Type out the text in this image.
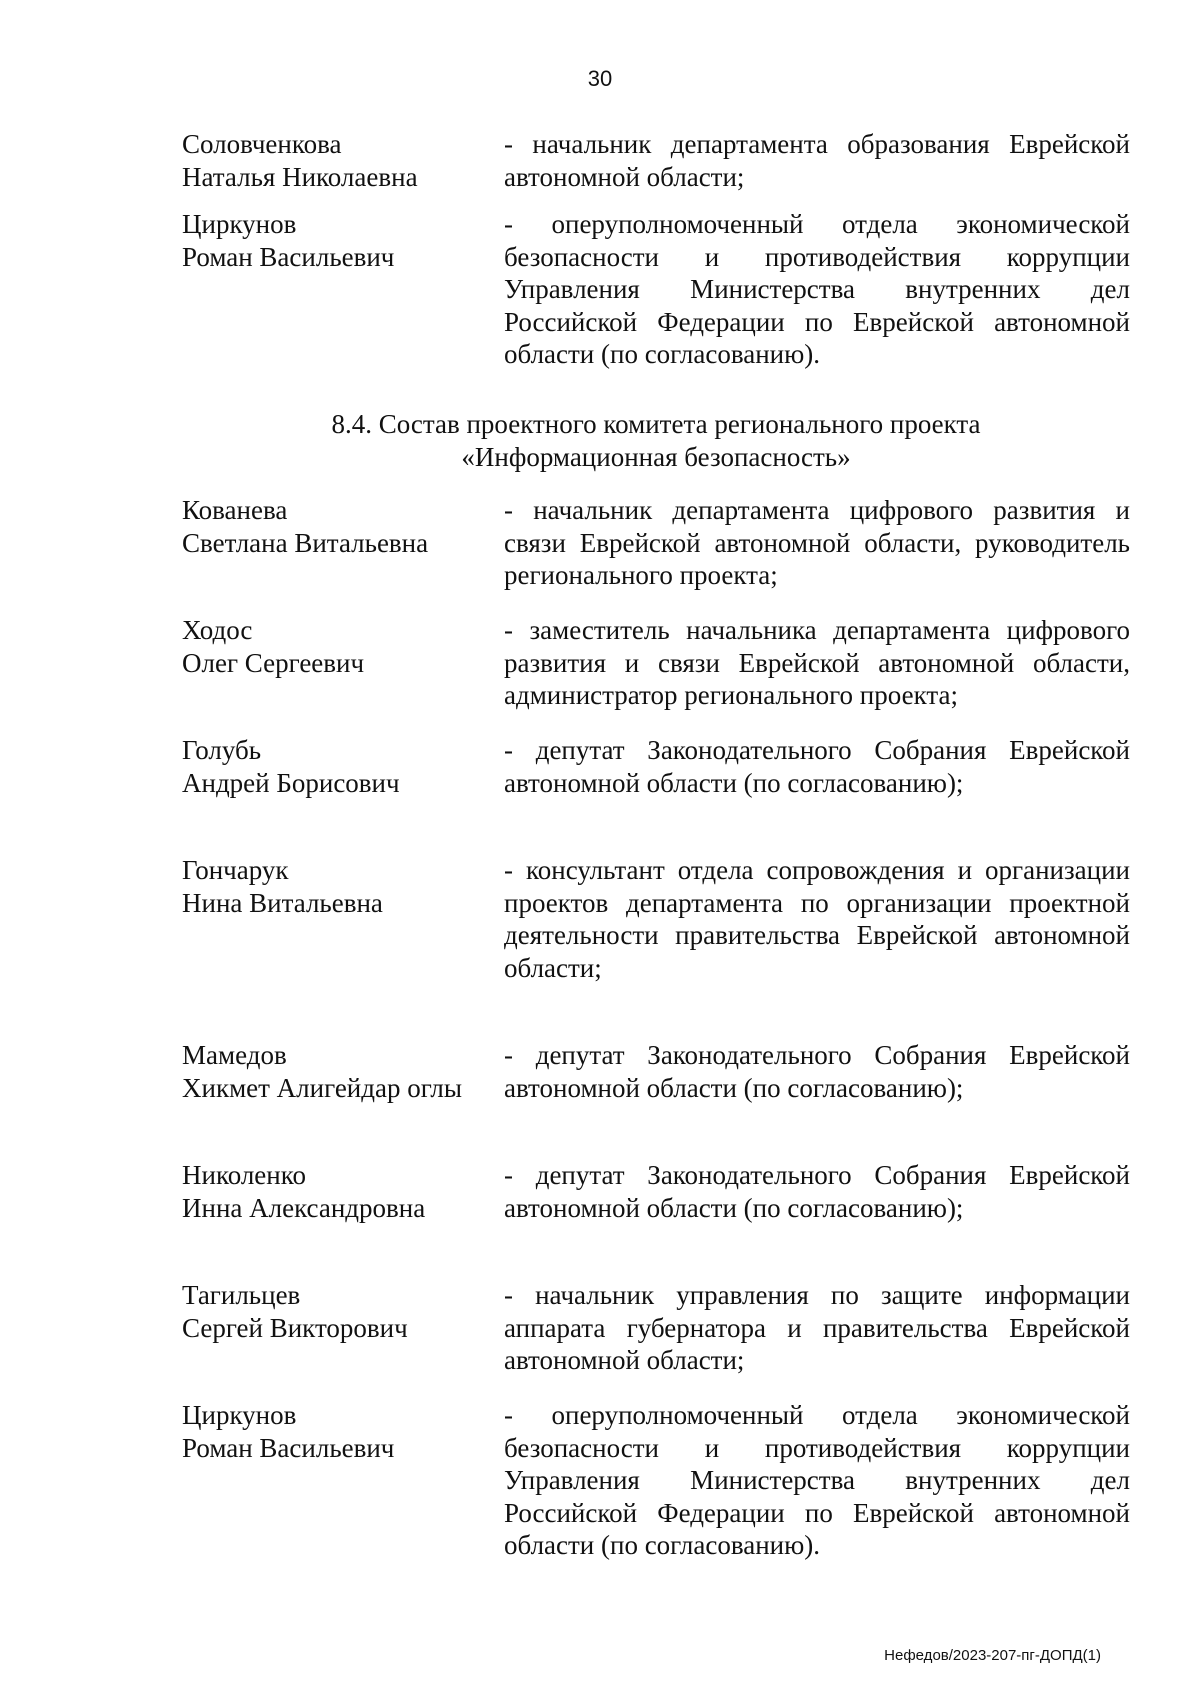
30
Соловченкова
Наталья Николаевна
- начальник департамента образования Еврейской автономной области;
Циркунов
Роман Васильевич
- оперуполномоченный отдела экономической безопасности и противодействия коррупции Управления Министерства внутренних дел Российской Федерации по Еврейской автономной области (по согласованию).
8.4. Состав проектного комитета регионального проекта
«Информационная безопасность»
Кованева
Светлана Витальевна
- начальник департамента цифрового развития и связи Еврейской автономной области, руководитель регионального проекта;
Ходос
Олег Сергеевич
- заместитель начальника департамента цифрового развития и связи Еврейской автономной области, администратор регионального проекта;
Голубь
Андрей Борисович
- депутат Законодательного Собрания Еврейской автономной области (по согласованию);
Гончарук
Нина Витальевна
- консультант отдела сопровождения и организации проектов департамента по организации проектной деятельности правительства Еврейской автономной области;
Мамедов
Хикмет Алигейдар оглы
- депутат Законодательного Собрания Еврейской автономной области (по согласованию);
Николенко
Инна Александровна
- депутат Законодательного Собрания Еврейской автономной области (по согласованию);
Тагильцев
Сергей Викторович
- начальник управления по защите информации аппарата губернатора и правительства Еврейской автономной области;
Циркунов
Роман Васильевич
- оперуполномоченный отдела экономической безопасности и противодействия коррупции Управления Министерства внутренних дел Российской Федерации по Еврейской автономной области (по согласованию).
Нефедов/2023-207-пг-ДОПД(1)
